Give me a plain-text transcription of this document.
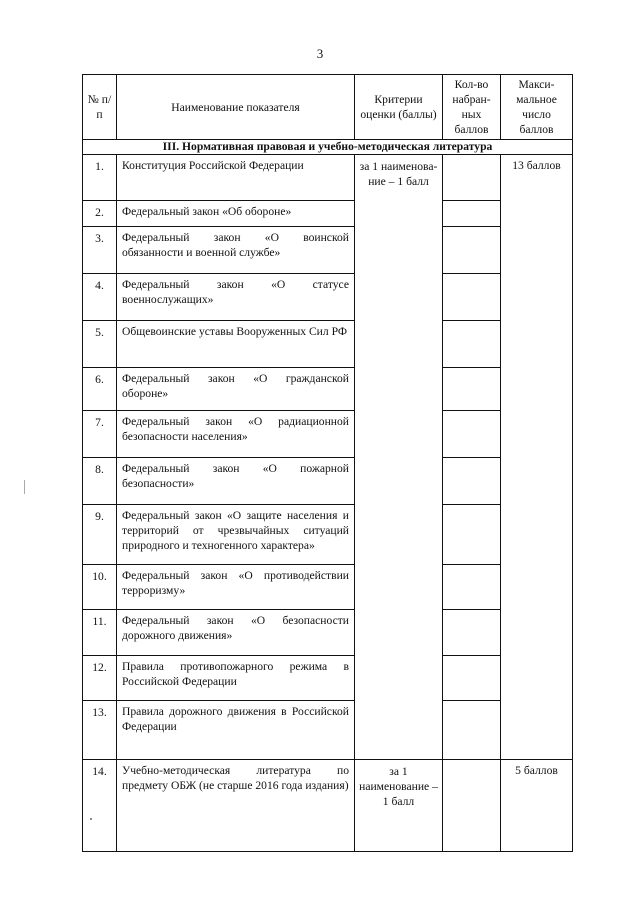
3
№ п/п	Наименование показателя	Критерии оценки (баллы)	Кол-во набран-ных баллов	Макси-мальное число баллов
III. Нормативная правовая и учебно-методическая литература				
1.	Конституция Российской Федерации	за 1 наименова-ние – 1 балл		13 баллов
2.	Федеральный закон «Об обороне»			
3.	Федеральный закон «О воинской обязанности и военной службе»			
4.	Федеральный закон «О статусе военнослужащих»			
5.	Общевоинские уставы Вооруженных Сил РФ			
6.	Федеральный закон «О гражданской обороне»			
7.	Федеральный закон «О радиационной безопасности населения»			
8.	Федеральный закон «О пожарной безопасности»			
9.	Федеральный закон «О защите населения и территорий от чрезвычайных ситуаций природного и техногенного характера»			
10.	Федеральный закон «О противодействии терроризму»			
11.	Федеральный закон «О безопасности дорожного движения»			
12.	Правила противопожарного режима в Российской Федерации			
13.	Правила дорожного движения в Российской Федерации			
14.	Учебно-методическая литература по предмету ОБЖ (не старше 2016 года издания)	за 1 наименование – 1 балл		5 баллов
